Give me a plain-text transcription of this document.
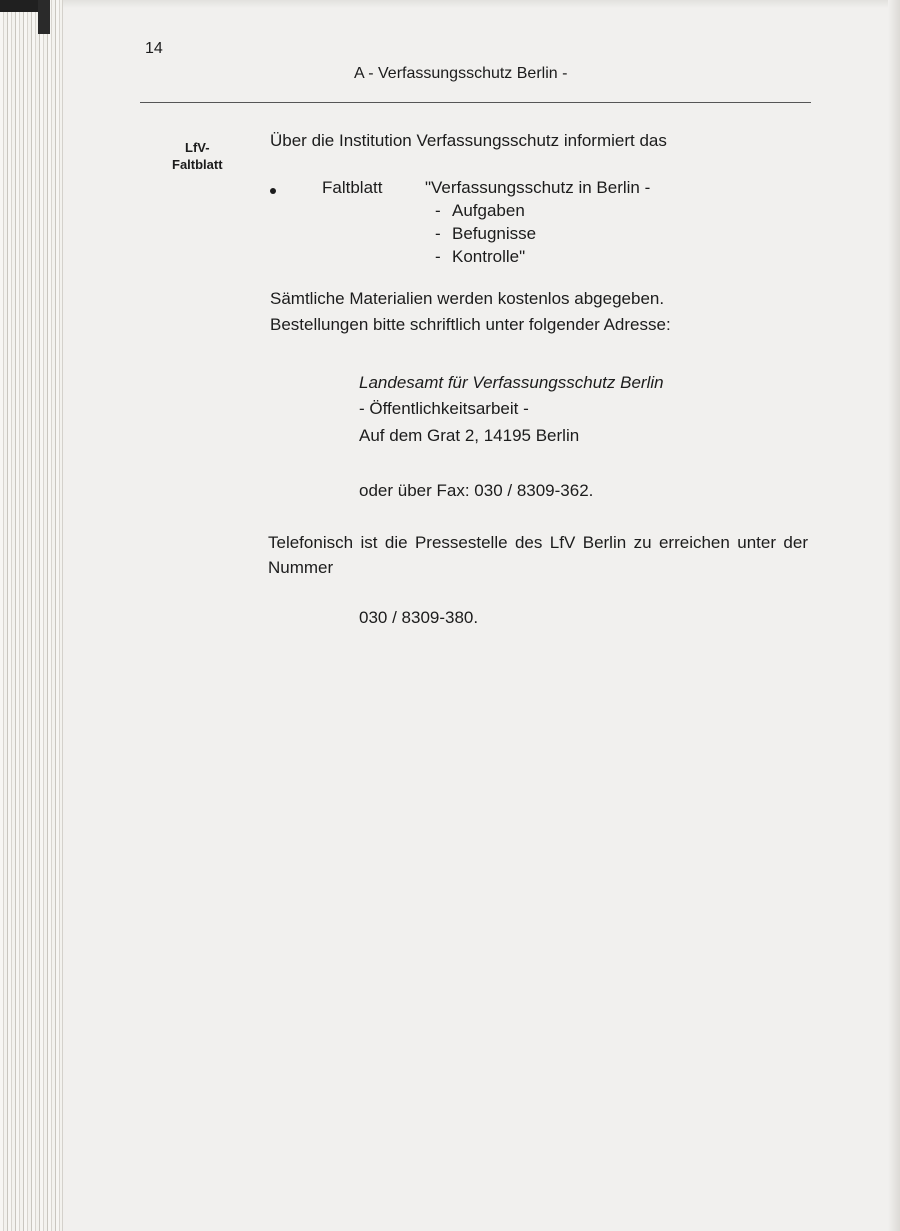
14
A - Verfassungsschutz Berlin -
LfV-
Faltblatt
Über die Institution Verfassungsschutz informiert das
Faltblatt	"Verfassungsschutz in Berlin -
- Aufgaben
- Befugnisse
- Kontrolle"
Sämtliche Materialien werden kostenlos abgegeben.
Bestellungen bitte schriftlich unter folgender Adresse:
Landesamt für Verfassungsschutz Berlin
- Öffentlichkeitsarbeit -
Auf dem Grat 2, 14195 Berlin
oder über Fax: 030 / 8309-362.
Telefonisch ist die Pressestelle des LfV Berlin zu erreichen unter der Nummer
030 / 8309-380.
